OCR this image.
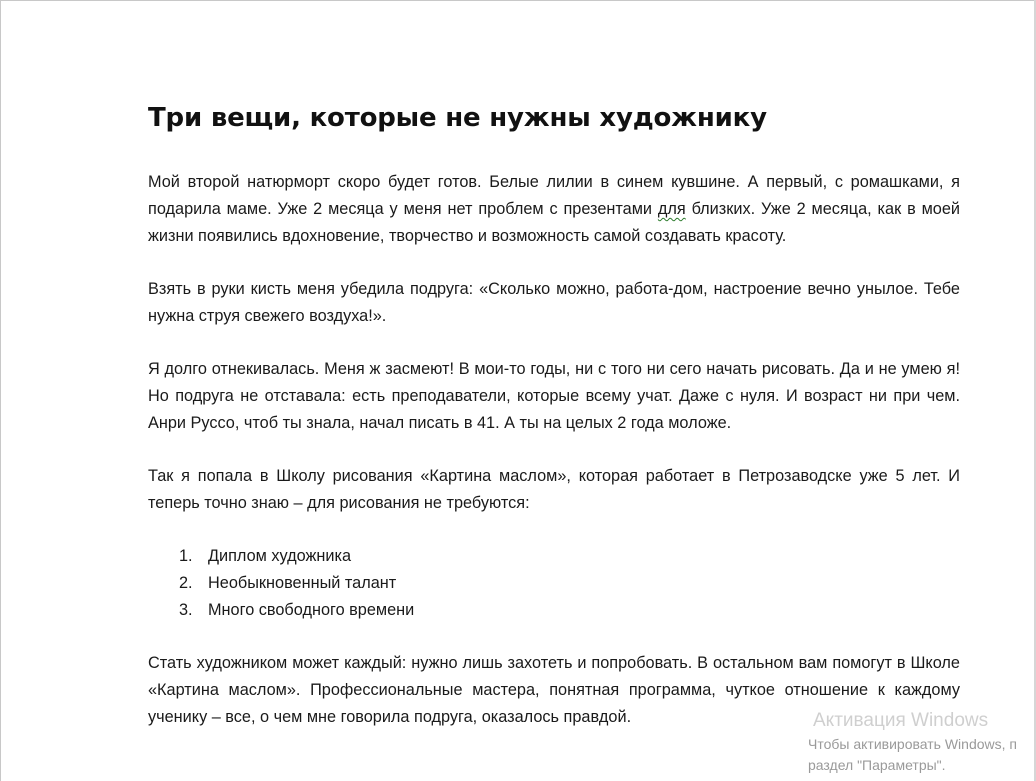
Три вещи, которые не нужны художнику

Мой второй натюрморт скоро будет готов. Белые лилии в синем кувшине. А первый, с ромашками, я подарила маме. Уже 2 месяца у меня нет проблем с презентами для близких. Уже 2 месяца, как в моей жизни появились вдохновение, творчество и возможность самой создавать красоту.

Взять в руки кисть меня убедила подруга: «Сколько можно, работа-дом, настроение вечно унылое. Тебе нужна струя свежего воздуха!».

Я долго отнекивалась. Меня ж засмеют! В мои-то годы, ни с того ни сего начать рисовать. Да и не умею я! Но подруга не отставала: есть преподаватели, которые всему учат. Даже с нуля. И возраст ни при чем. Анри Руссо, чтоб ты знала, начал писать в 41. А ты на целых 2 года моложе.

Так я попала в Школу рисования «Картина маслом», которая работает в Петрозаводске уже 5 лет. И теперь точно знаю – для рисования не требуются:

1. Диплом художника
2. Необыкновенный талант
3. Много свободного времени

Стать художником может каждый: нужно лишь захотеть и попробовать. В остальном вам помогут в Школе «Картина маслом». Профессиональные мастера, понятная программа, чуткое отношение к каждому ученику – все, о чем мне говорила подруга, оказалось правдой.	Активация Windows
Чтобы активировать Windows, п
раздел "Параметры".
